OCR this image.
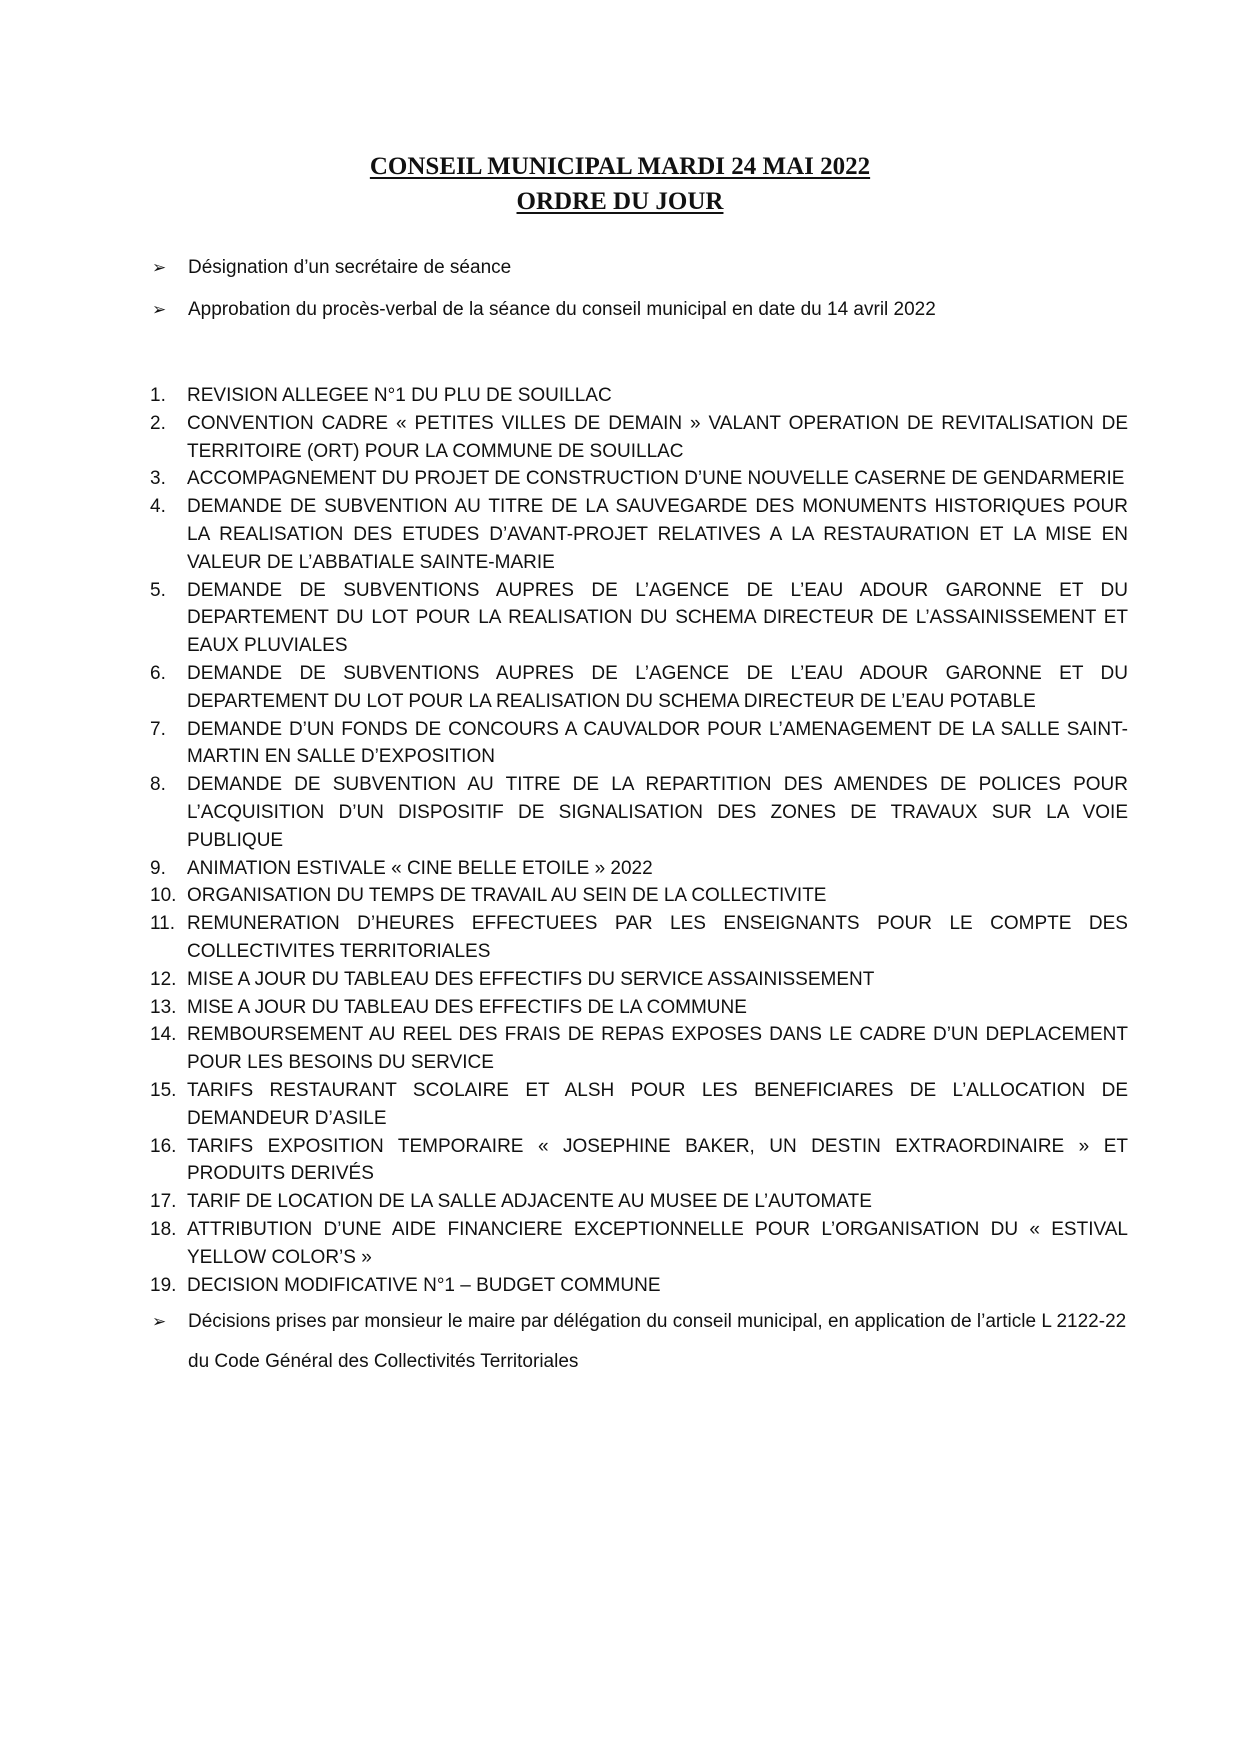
CONSEIL MUNICIPAL MARDI 24 MAI 2022
ORDRE DU JOUR
➢	Désignation d’un secrétaire de séance
➢	Approbation du procès-verbal de la séance du conseil municipal en date du 14 avril 2022
1.	REVISION ALLEGEE N°1 DU PLU DE SOUILLAC
2.	CONVENTION CADRE « PETITES VILLES DE DEMAIN » VALANT OPERATION DE REVITALISATION DE TERRITOIRE (ORT) POUR LA COMMUNE DE SOUILLAC
3.	ACCOMPAGNEMENT DU PROJET DE CONSTRUCTION D’UNE NOUVELLE CASERNE DE GENDARMERIE
4.	DEMANDE DE SUBVENTION AU TITRE DE LA SAUVEGARDE DES MONUMENTS HISTORIQUES POUR LA REALISATION DES ETUDES D’AVANT-PROJET RELATIVES A LA RESTAURATION ET LA MISE EN VALEUR DE L’ABBATIALE SAINTE-MARIE
5.	DEMANDE DE SUBVENTIONS AUPRES DE L’AGENCE DE L’EAU ADOUR GARONNE ET DU DEPARTEMENT DU LOT POUR LA REALISATION DU SCHEMA DIRECTEUR DE L’ASSAINISSEMENT ET EAUX PLUVIALES
6.	DEMANDE DE SUBVENTIONS AUPRES DE L’AGENCE DE L’EAU ADOUR GARONNE ET DU DEPARTEMENT DU LOT POUR LA REALISATION DU SCHEMA DIRECTEUR DE L’EAU POTABLE
7.	DEMANDE D’UN FONDS DE CONCOURS A CAUVALDOR POUR L’AMENAGEMENT DE LA SALLE SAINT-MARTIN EN SALLE D’EXPOSITION
8.	DEMANDE DE SUBVENTION AU TITRE DE LA REPARTITION DES AMENDES DE POLICES POUR L’ACQUISITION D’UN DISPOSITIF DE SIGNALISATION DES ZONES DE TRAVAUX SUR LA VOIE PUBLIQUE
9.	ANIMATION ESTIVALE « CINE BELLE ETOILE » 2022
10. ORGANISATION DU TEMPS DE TRAVAIL AU SEIN DE LA COLLECTIVITE
11. REMUNERATION D’HEURES EFFECTUEES PAR LES ENSEIGNANTS POUR LE COMPTE DES COLLECTIVITES TERRITORIALES
12. MISE A JOUR DU TABLEAU DES EFFECTIFS DU SERVICE ASSAINISSEMENT
13. MISE A JOUR DU TABLEAU DES EFFECTIFS DE LA COMMUNE
14. REMBOURSEMENT AU REEL DES FRAIS DE REPAS EXPOSES DANS LE CADRE D’UN DEPLACEMENT POUR LES BESOINS DU SERVICE
15. TARIFS RESTAURANT SCOLAIRE ET ALSH POUR LES BENEFICIARES DE L’ALLOCATION DE DEMANDEUR D’ASILE
16. TARIFS EXPOSITION TEMPORAIRE « JOSEPHINE BAKER, UN DESTIN EXTRAORDINAIRE » ET PRODUITS DERIVÉS
17. TARIF DE LOCATION DE LA SALLE ADJACENTE AU MUSEE DE L’AUTOMATE
18. ATTRIBUTION D’UNE AIDE FINANCIERE EXCEPTIONNELLE POUR L’ORGANISATION DU « ESTIVAL YELLOW COLOR’S »
19. DECISION MODIFICATIVE N°1 – BUDGET COMMUNE
➢	Décisions prises par monsieur le maire par délégation du conseil municipal, en application de l’article L 2122-22 du Code Général des Collectivités Territoriales
